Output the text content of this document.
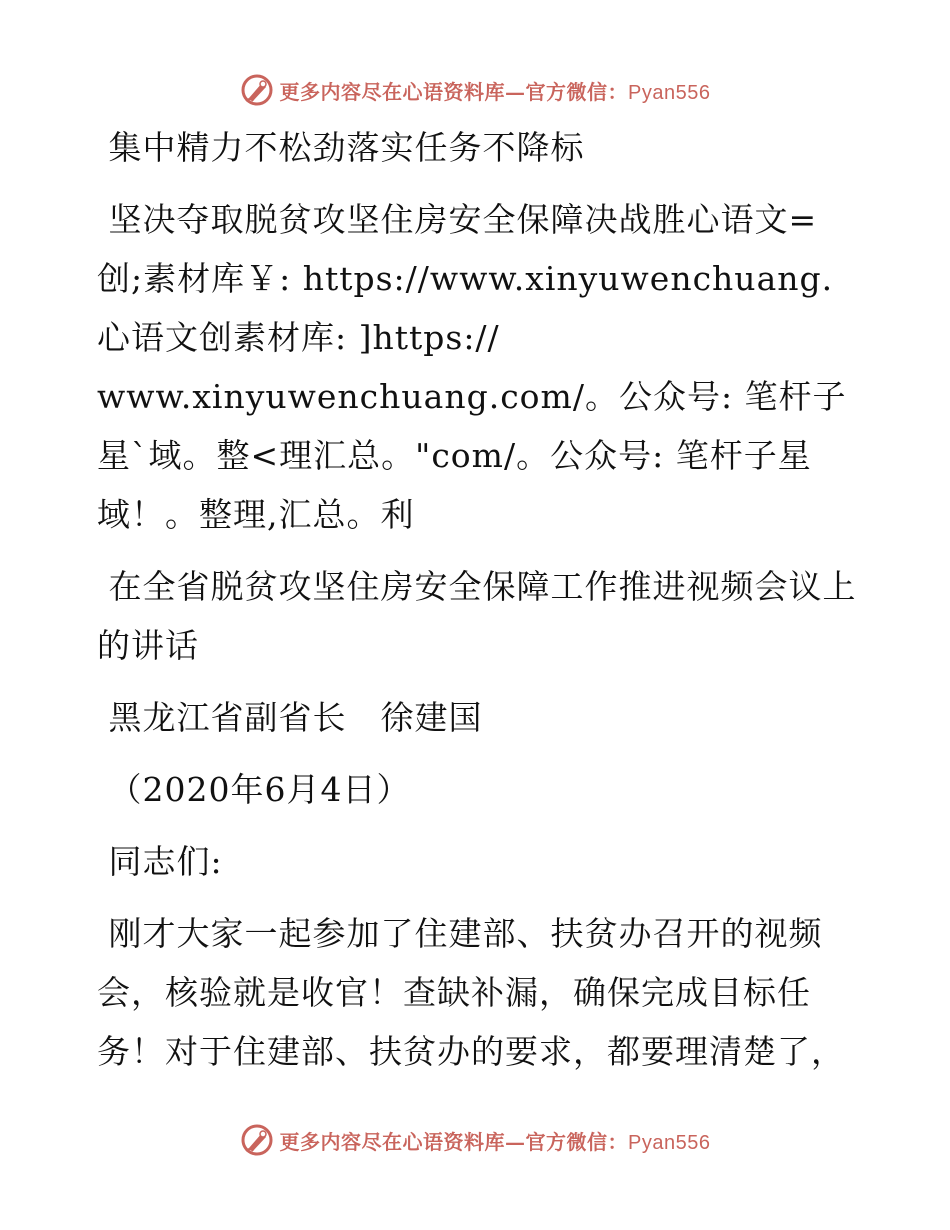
更多内容尽在心语资料库—官方微信：Pyan556

集中精力不松劲落实任务不降标

坚决夺取脱贫攻坚住房安全保障决战胜心语文=创;素材库￥: https://www.xinyuwenchuang.心语文创素材库: ]https://
www.xinyuwenchuang.com/。公众号: 笔杆子星`域。整<理汇总。"com/。公众号: 笔杆子星域！。整理,汇总。利

在全省脱贫攻坚住房安全保障工作推进视频会议上的讲话

黑龙江省副省长　徐建国

（2020年6月4日）

同志们:

刚才大家一起参加了住建部、扶贫办召开的视频会，核验就是收官！查缺补漏，确保完成目标任务！对于住建部、扶贫办的要求，都要理清楚了，

更多内容尽在心语资料库—官方微信：Pyan556
